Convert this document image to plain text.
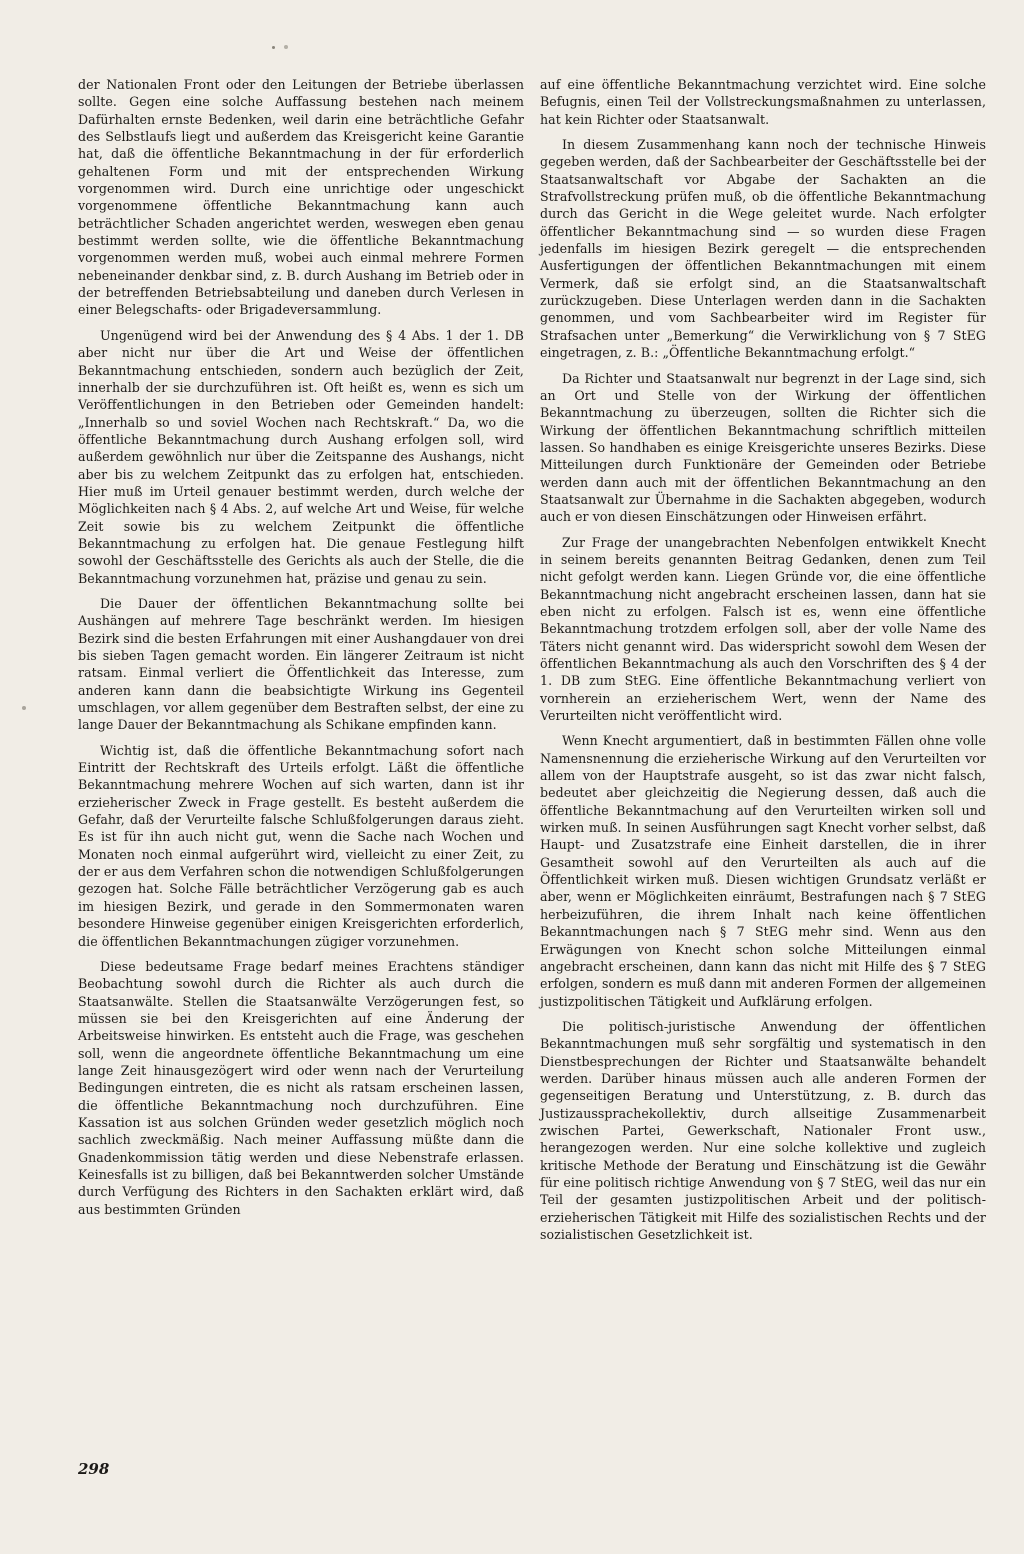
der Nationalen Front oder den Leitungen der Betriebe überlassen sollte. Gegen eine solche Auffassung bestehen nach meinem Dafürhalten ernste Bedenken, weil darin eine beträchtliche Gefahr des Selbstlaufs liegt und außerdem das Kreisgericht keine Garantie hat, daß die öffentliche Bekanntmachung in der für erforderlich gehaltenen Form und mit der entsprechenden Wirkung vorgenommen wird. Durch eine unrichtige oder ungeschickt vorgenommene öffentliche Bekanntmachung kann auch beträchtlicher Schaden angerichtet werden, weswegen eben genau bestimmt werden sollte, wie die öffentliche Bekanntmachung vorgenommen werden muß, wobei auch einmal mehrere Formen nebeneinander denkbar sind, z. B. durch Aushang im Betrieb oder in der betreffenden Betriebsabteilung und daneben durch Verlesen in einer Belegschafts- oder Brigadeversammlung.

Ungenügend wird bei der Anwendung des § 4 Abs. 1 der 1. DB aber nicht nur über die Art und Weise der öffentlichen Bekanntmachung entschieden, sondern auch bezüglich der Zeit, innerhalb der sie durchzuführen ist. Oft heißt es, wenn es sich um Veröffentlichungen in den Betrieben oder Gemeinden handelt: „Innerhalb so und soviel Wochen nach Rechtskraft.“ Da, wo die öffentliche Bekanntmachung durch Aushang erfolgen soll, wird außerdem gewöhnlich nur über die Zeitspanne des Aushangs, nicht aber bis zu welchem Zeitpunkt das zu erfolgen hat, entschieden. Hier muß im Urteil genauer bestimmt werden, durch welche der Möglichkeiten nach § 4 Abs. 2, auf welche Art und Weise, für welche Zeit sowie bis zu welchem Zeitpunkt die öffentliche Bekanntmachung zu erfolgen hat. Die genaue Festlegung hilft sowohl der Geschäftsstelle des Gerichts als auch der Stelle, die die Bekanntmachung vorzunehmen hat, präzise und genau zu sein.

Die Dauer der öffentlichen Bekanntmachung sollte bei Aushängen auf mehrere Tage beschränkt werden. Im hiesigen Bezirk sind die besten Erfahrungen mit einer Aushangdauer von drei bis sieben Tagen gemacht worden. Ein längerer Zeitraum ist nicht ratsam. Einmal verliert die Öffentlichkeit das Interesse, zum anderen kann dann die beabsichtigte Wirkung ins Gegenteil umschlagen, vor allem gegenüber dem Bestraften selbst, der eine zu lange Dauer der Bekanntmachung als Schikane empfinden kann.

Wichtig ist, daß die öffentliche Bekanntmachung sofort nach Eintritt der Rechtskraft des Urteils erfolgt. Läßt die öffentliche Bekanntmachung mehrere Wochen auf sich warten, dann ist ihr erzieherischer Zweck in Frage gestellt. Es besteht außerdem die Gefahr, daß der Verurteilte falsche Schlußfolgerungen daraus zieht. Es ist für ihn auch nicht gut, wenn die Sache nach Wochen und Monaten noch einmal aufgerührt wird, vielleicht zu einer Zeit, zu der er aus dem Verfahren schon die notwendigen Schlußfolgerungen gezogen hat. Solche Fälle beträchtlicher Verzögerung gab es auch im hiesigen Bezirk, und gerade in den Sommermonaten waren besondere Hinweise gegenüber einigen Kreisgerichten erforderlich, die öffentlichen Bekanntmachungen zügiger vorzunehmen.

Diese bedeutsame Frage bedarf meines Erachtens ständiger Beobachtung sowohl durch die Richter als auch durch die Staatsanwälte. Stellen die Staatsanwälte Verzögerungen fest, so müssen sie bei den Kreisgerichten auf eine Änderung der Arbeitsweise hinwirken. Es entsteht auch die Frage, was geschehen soll, wenn die angeordnete öffentliche Bekanntmachung um eine lange Zeit hinausgezögert wird oder wenn nach der Verurteilung Bedingungen eintreten, die es nicht als ratsam erscheinen lassen, die öffentliche Bekanntmachung noch durchzuführen. Eine Kassation ist aus solchen Gründen weder gesetzlich möglich noch sachlich zweckmäßig. Nach meiner Auffassung müßte dann die Gnadenkommission tätig werden und diese Nebenstrafe erlassen. Keinesfalls ist zu billigen, daß bei Bekanntwerden solcher Umstände durch Verfügung des Richters in den Sachakten erklärt wird, daß aus bestimmten Gründen

auf eine öffentliche Bekanntmachung verzichtet wird. Eine solche Befugnis, einen Teil der Vollstreckungsmaßnahmen zu unterlassen, hat kein Richter oder Staatsanwalt.

In diesem Zusammenhang kann noch der technische Hinweis gegeben werden, daß der Sachbearbeiter der Geschäftsstelle bei der Staatsanwaltschaft vor Abgabe der Sachakten an die Strafvollstreckung prüfen muß, ob die öffentliche Bekanntmachung durch das Gericht in die Wege geleitet wurde. Nach erfolgter öffentlicher Bekanntmachung sind — so wurden diese Fragen jedenfalls im hiesigen Bezirk geregelt — die entsprechenden Ausfertigungen der öffentlichen Bekanntmachungen mit einem Vermerk, daß sie erfolgt sind, an die Staatsanwaltschaft zurückzugeben. Diese Unterlagen werden dann in die Sachakten genommen, und vom Sachbearbeiter wird im Register für Strafsachen unter „Bemerkung“ die Verwirklichung von § 7 StEG eingetragen, z. B.: „Öffentliche Bekanntmachung erfolgt.“

Da Richter und Staatsanwalt nur begrenzt in der Lage sind, sich an Ort und Stelle von der Wirkung der öffentlichen Bekanntmachung zu überzeugen, sollten die Richter sich die Wirkung der öffentlichen Bekanntmachung schriftlich mitteilen lassen. So handhaben es einige Kreisgerichte unseres Bezirks. Diese Mitteilungen durch Funktionäre der Gemeinden oder Betriebe werden dann auch mit der öffentlichen Bekanntmachung an den Staatsanwalt zur Übernahme in die Sachakten abgegeben, wodurch auch er von diesen Einschätzungen oder Hinweisen erfährt.

Zur Frage der unangebrachten Nebenfolgen entwikkelt Knecht in seinem bereits genannten Beitrag Gedanken, denen zum Teil nicht gefolgt werden kann. Liegen Gründe vor, die eine öffentliche Bekanntmachung nicht angebracht erscheinen lassen, dann hat sie eben nicht zu erfolgen. Falsch ist es, wenn eine öffentliche Bekanntmachung trotzdem erfolgen soll, aber der volle Name des Täters nicht genannt wird. Das widerspricht sowohl dem Wesen der öffentlichen Bekanntmachung als auch den Vorschriften des § 4 der 1. DB zum StEG. Eine öffentliche Bekanntmachung verliert von vornherein an erzieherischem Wert, wenn der Name des Verurteilten nicht veröffentlicht wird.

Wenn Knecht argumentiert, daß in bestimmten Fällen ohne volle Namensnennung die erzieherische Wirkung auf den Verurteilten vor allem von der Hauptstrafe ausgeht, so ist das zwar nicht falsch, bedeutet aber gleichzeitig die Negierung dessen, daß auch die öffentliche Bekanntmachung auf den Verurteilten wirken soll und wirken muß. In seinen Ausführungen sagt Knecht vorher selbst, daß Haupt- und Zusatzstrafe eine Einheit darstellen, die in ihrer Gesamtheit sowohl auf den Verurteilten als auch auf die Öffentlichkeit wirken muß. Diesen wichtigen Grundsatz verläßt er aber, wenn er Möglichkeiten einräumt, Bestrafungen nach § 7 StEG herbeizuführen, die ihrem Inhalt nach keine öffentlichen Bekanntmachungen nach § 7 StEG mehr sind. Wenn aus den Erwägungen von Knecht schon solche Mitteilungen einmal angebracht erscheinen, dann kann das nicht mit Hilfe des § 7 StEG erfolgen, sondern es muß dann mit anderen Formen der allgemeinen justizpolitischen Tätigkeit und Aufklärung erfolgen.

Die politisch-juristische Anwendung der öffentlichen Bekanntmachungen muß sehr sorgfältig und systematisch in den Dienstbesprechungen der Richter und Staatsanwälte behandelt werden. Darüber hinaus müssen auch alle anderen Formen der gegenseitigen Beratung und Unterstützung, z. B. durch das Justizaussprachekollektiv, durch allseitige Zusammenarbeit zwischen Partei, Gewerkschaft, Nationaler Front usw., herangezogen werden. Nur eine solche kollektive und zugleich kritische Methode der Beratung und Einschätzung ist die Gewähr für eine politisch richtige Anwendung von § 7 StEG, weil das nur ein Teil der gesamten justizpolitischen Arbeit und der politisch-erzieherischen Tätigkeit mit Hilfe des sozialistischen Rechts und der sozialistischen Gesetzlichkeit ist.

298
